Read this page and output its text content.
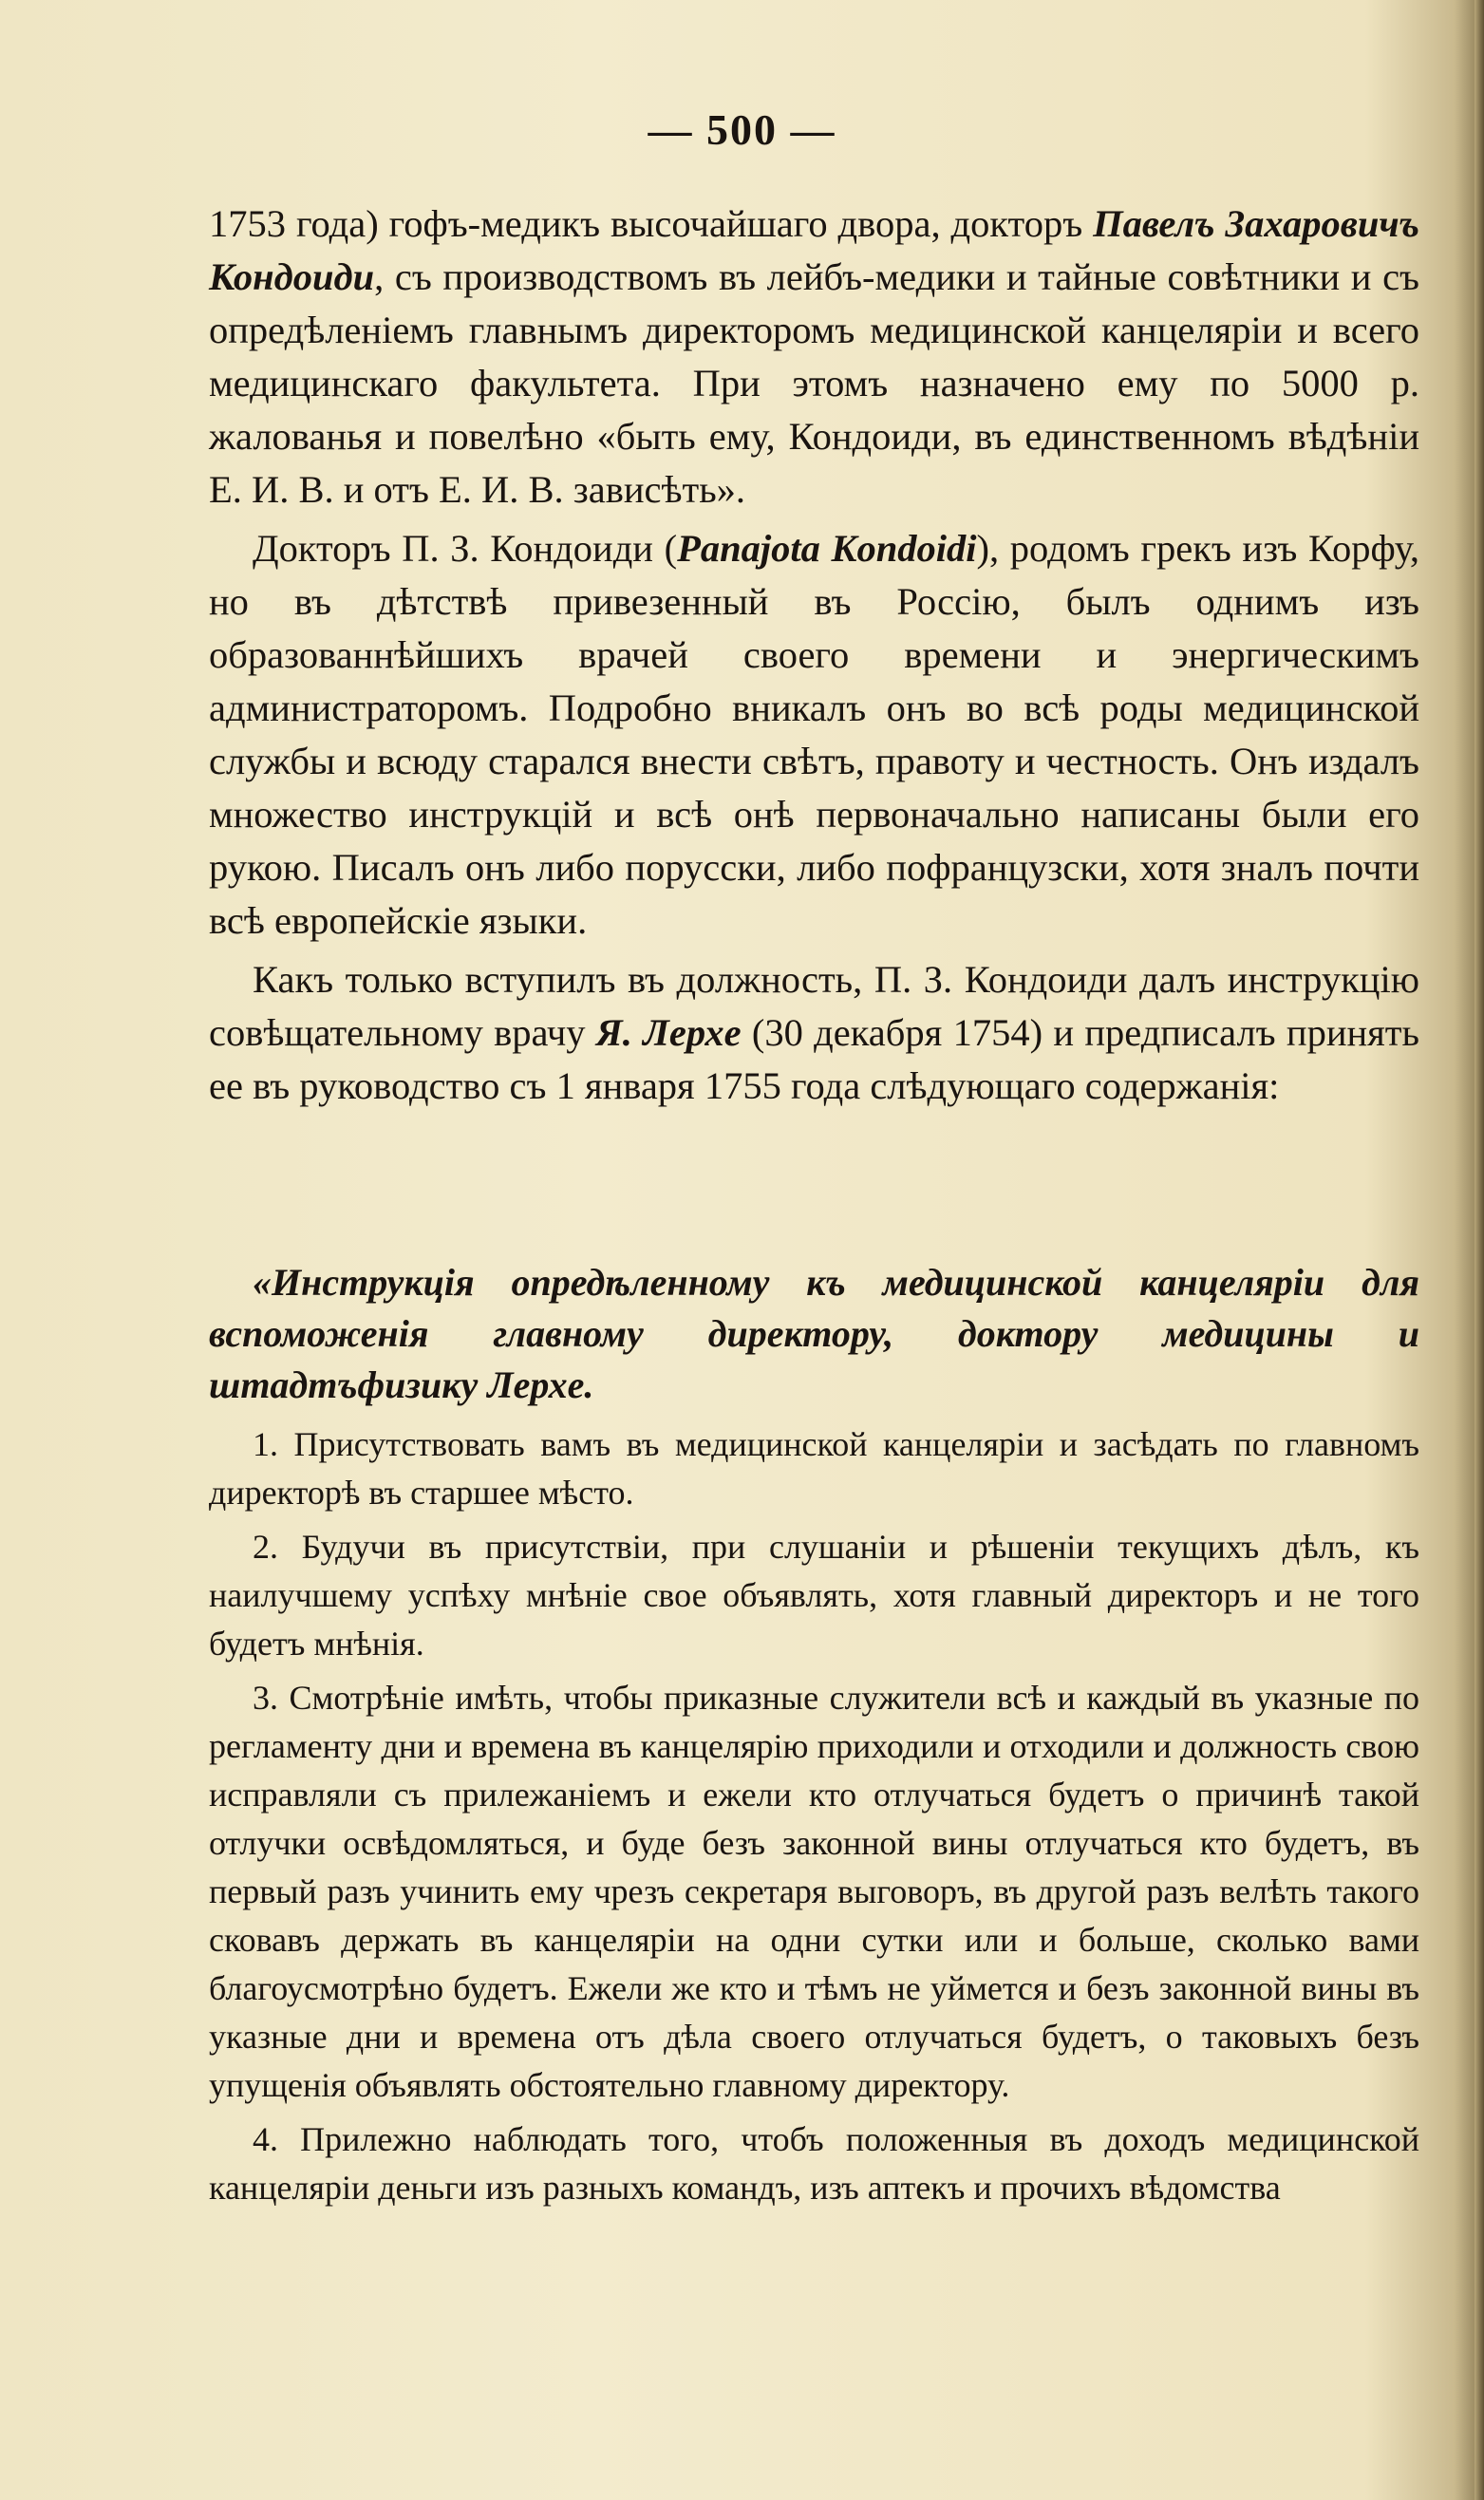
— 500 —

1753 года) гофъ-медикъ высочайшаго двора, докторъ Павелъ Захаровичъ Кондоиди, съ производствомъ въ лейбъ-медики и тайные совѣтники и съ опредѣленіемъ главнымъ директоромъ медицинской канцеляріи и всего медицинскаго факультета. При этомъ назначено ему по 5000 р. жалованья и повелѣно «быть ему, Кондоиди, въ единственномъ вѣдѣніи Е. И. В. и отъ Е. И. В. зависѣть».

Докторъ П. З. Кондоиди (Panajota Kondoidi), родомъ грекъ изъ Корфу, но въ дѣтствѣ привезенный въ Россію, былъ однимъ изъ образованнѣйшихъ врачей своего времени и энергическимъ администраторомъ. Подробно вникалъ онъ во всѣ роды медицинской службы и всюду старался внести свѣтъ, правоту и честность. Онъ издалъ множество инструкцій и всѣ онѣ первоначально написаны были его рукою. Писалъ онъ либо порусски, либо пофранцузски, хотя зналъ почти всѣ европейскіе языки.

Какъ только вступилъ въ должность, П. З. Кондоиди далъ инструкцію совѣщательному врачу Я. Лерхе (30 декабря 1754) и предписалъ принять ее въ руководство съ 1 января 1755 года слѣдующаго содержанія:

«Инструкція опредѣленному къ медицинской канцеляріи для вспоможенія главному директору, доктору медицины и штадтъфизику Лерхе.

1. Присутствовать вамъ въ медицинской канцеляріи и засѣдать по главномъ директорѣ въ старшее мѣсто.

2. Будучи въ присутствіи, при слушаніи и рѣшеніи текущихъ дѣлъ, къ наилучшему успѣху мнѣніе свое объявлять, хотя главный директоръ и не того будетъ мнѣнія.

3. Смотрѣніе имѣть, чтобы приказные служители всѣ и каждый въ указные по регламенту дни и времена въ канцелярію приходили и отходили и должность свою исправляли съ прилежаніемъ и ежели кто отлучаться будетъ о причинѣ такой отлучки освѣдомляться, и буде безъ законной вины отлучаться кто будетъ, въ первый разъ учинить ему чрезъ секретаря выговоръ, въ другой разъ велѣть такого сковавъ держать въ канцеляріи на одни сутки или и больше, сколько вами благоусмотрѣно будетъ. Ежели же кто и тѣмъ не уймется и безъ законной вины въ указные дни и времена отъ дѣла своего отлучаться будетъ, о таковыхъ безъ упущенія объявлять обстоятельно главному директору.

4. Прилежно наблюдать того, чтобъ положенныя въ доходъ медицинской канцеляріи деньги изъ разныхъ командъ, изъ аптекъ и прочихъ вѣдомства
